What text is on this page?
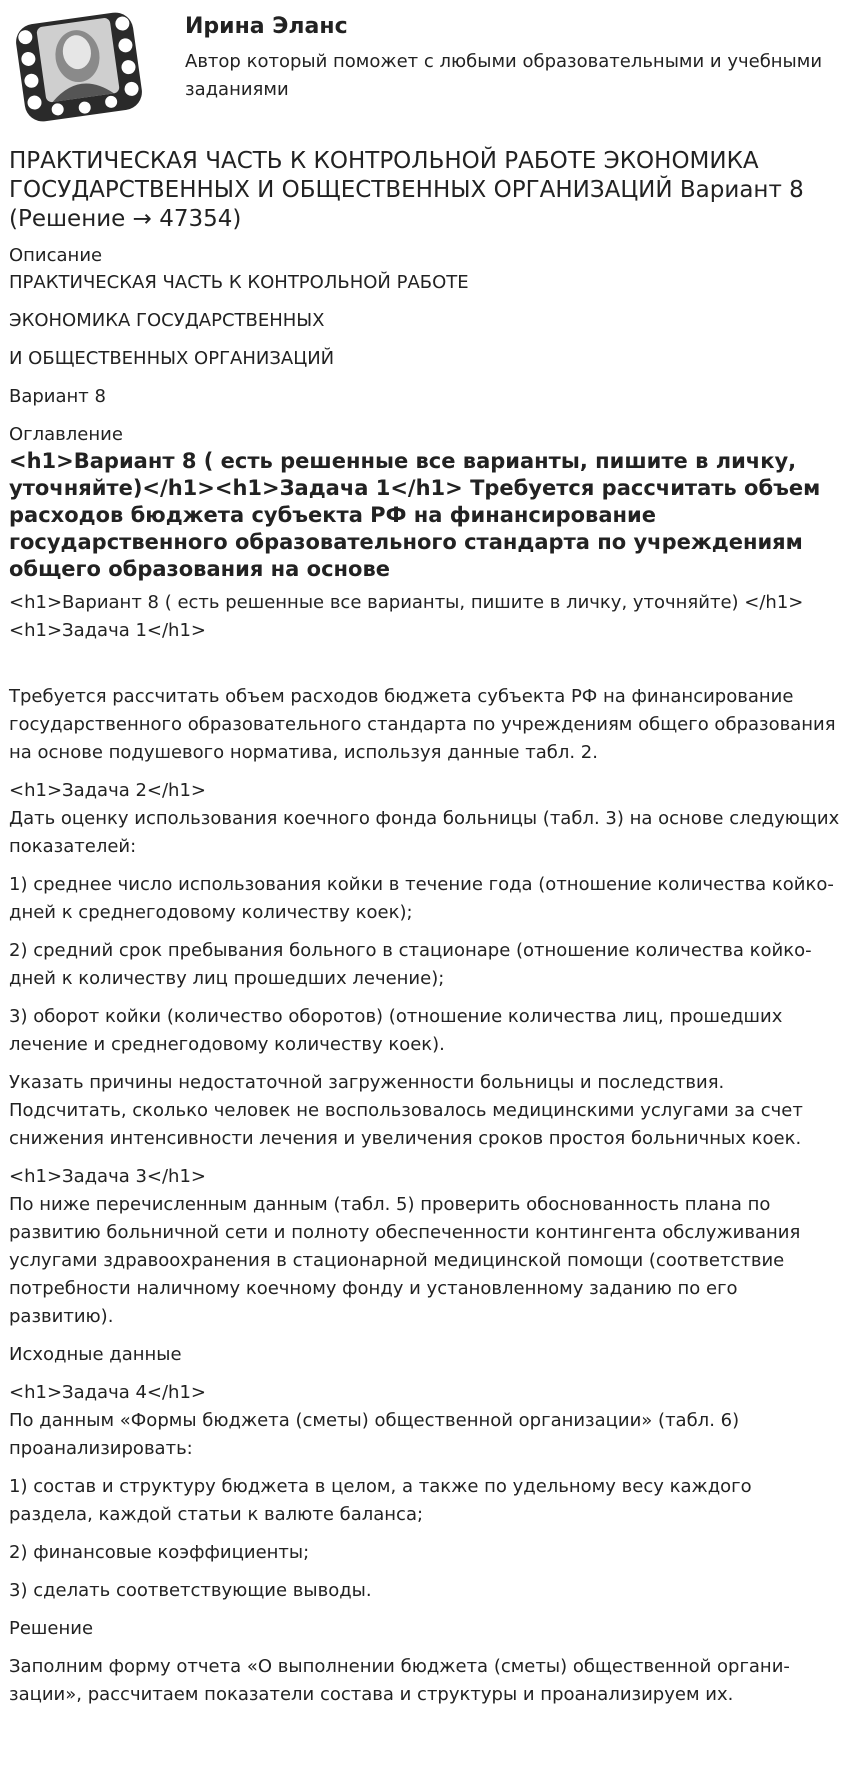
Ирина Эланс

Автор который поможет с любыми образовательными и учебными заданиями

ПРАКТИЧЕСКАЯ ЧАСТЬ К КОНТРОЛЬНОЙ РАБОТЕ ЭКОНОМИКА ГОСУДАРСТВЕННЫХ И ОБЩЕСТВЕННЫХ ОРГАНИЗАЦИЙ Вариант 8 (Решение → 47354)
Описание

ПРАКТИЧЕСКАЯ ЧАСТЬ К КОНТРОЛЬНОЙ РАБОТЕ

ЭКОНОМИКА ГОСУДАРСТВЕННЫХ

И ОБЩЕСТВЕННЫХ ОРГАНИЗАЦИЙ

Вариант 8

Оглавление
<h1>Вариант 8 ( есть решенные все варианты, пишите в личку, уточняйте)</h1><h1>Задача 1</h1> Требуется рассчитать объем расходов бюджета субъекта РФ на финансирование государственного образовательного стандарта по учреждениям общего образования на основе

<h1>Вариант 8 ( есть решенные все варианты, пишите в личку, уточняйте) </h1><h1>Задача 1</h1>

Требуется рассчитать объем расходов бюджета субъекта РФ на финансирование государственного образовательного стандарта по учреждениям общего образования на основе подушевого норматива, используя данные табл. 2.

<h1>Задача 2</h1>

Дать оценку использования коечного фонда больницы (табл. 3) на основе следующих показателей:

1) среднее число использования койки в течение года (отношение количества койко-дней к среднегодовому количеству коек);

2) средний срок пребывания больного в стационаре (отношение количества койко-дней к количеству лиц прошедших лечение);

3) оборот койки (количество оборотов) (отношение количества лиц, прошедших лечение и среднегодовому количеству коек).

Указать причины недостаточной загруженности больницы и последствия. Подсчитать, сколько человек не воспользовалось медицинскими услугами за счет снижения интенсивности лечения и увеличения сроков простоя больничных коек.

<h1>Задача 3</h1>

По ниже перечисленным данным (табл. 5) проверить обоснованность плана по развитию больничной сети и полноту обеспеченности контингента обслуживания услугами здравоохранения в стационарной медицинской помощи (соответствие потребности наличному коечному фонду и установленному заданию по его развитию).

Исходные данные

<h1>Задача 4</h1>

По данным «Формы бюджета (сметы) общественной организации» (табл. 6) проанализировать:

1) состав и структуру бюджета в целом, а также по удельному весу каждого раздела, каждой статьи к валюте баланса;

2) финансовые коэффициенты;

3) сделать соответствующие выводы.

Решение

Заполним форму отчета «О выполнении бюджета (сметы) общественной органи-зации», рассчитаем показатели состава и структуры и проанализируем их.
